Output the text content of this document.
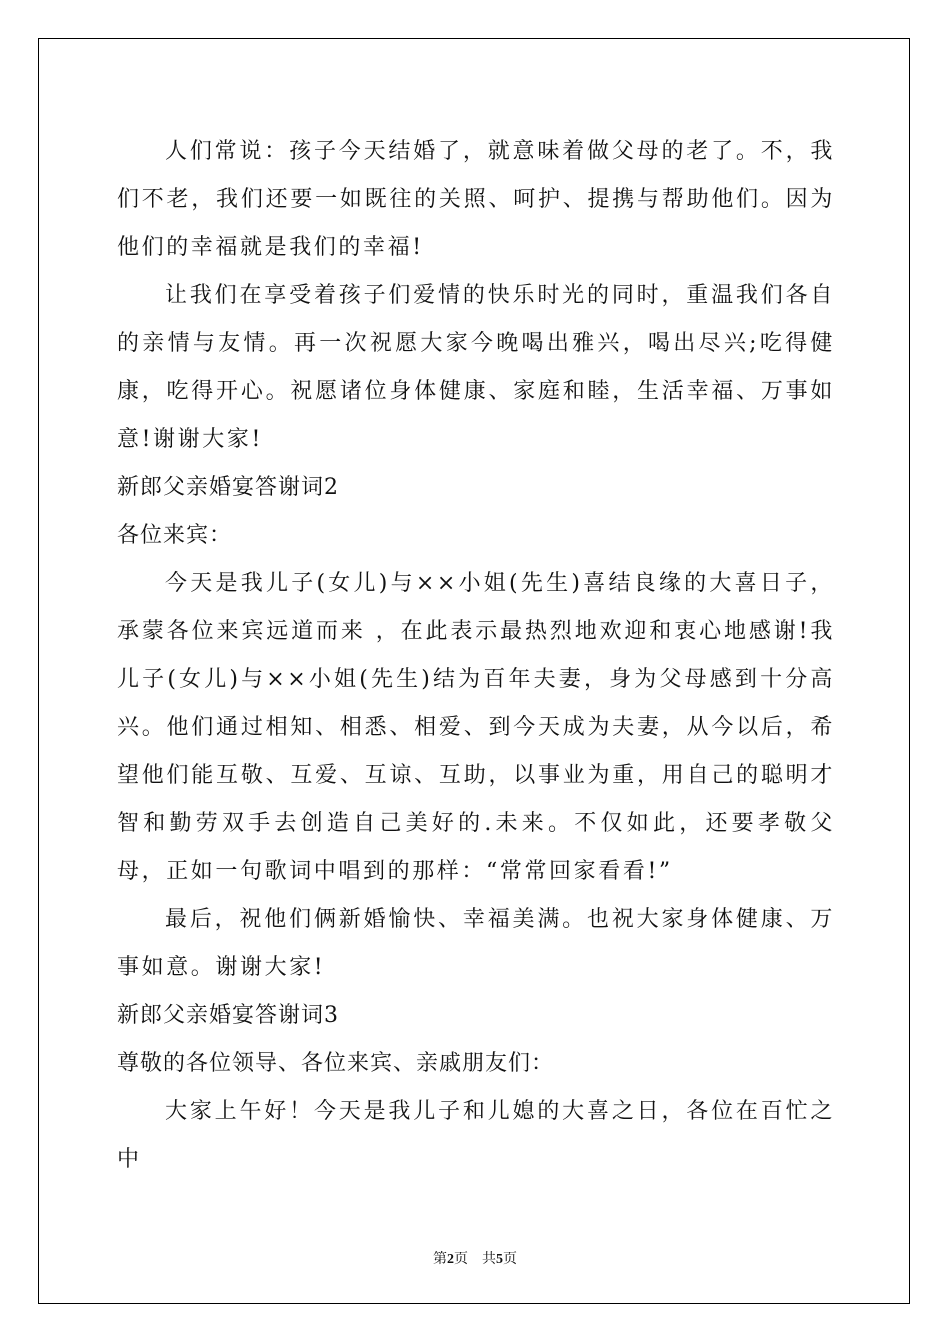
人们常说：孩子今天结婚了，就意味着做父母的老了。不，我们不老，我们还要一如既往的关照、呵护、提携与帮助他们。因为他们的幸福就是我们的幸福!

让我们在享受着孩子们爱情的快乐时光的同时，重温我们各自的亲情与友情。再一次祝愿大家今晚喝出雅兴，喝出尽兴;吃得健康，吃得开心。祝愿诸位身体健康、家庭和睦，生活幸福、万事如意!谢谢大家!

新郎父亲婚宴答谢词2

各位来宾：

今天是我儿子(女儿)与××小姐(先生)喜结良缘的大喜日子，承蒙各位来宾远道而来 ，在此表示最热烈地欢迎和衷心地感谢!我儿子(女儿)与××小姐(先生)结为百年夫妻，身为父母感到十分高兴。他们通过相知、相悉、相爱、到今天成为夫妻，从今以后，希望他们能互敬、互爱、互谅、互助，以事业为重，用自己的聪明才智和勤劳双手去创造自己美好的.未来。不仅如此，还要孝敬父母，正如一句歌词中唱到的那样：“常常回家看看!”

最后，祝他们俩新婚愉快、幸福美满。也祝大家身体健康、万事如意。谢谢大家!

新郎父亲婚宴答谢词3

尊敬的各位领导、各位来宾、亲戚朋友们：

大家上午好！今天是我儿子和儿媳的大喜之日，各位在百忙之中

第2页　共5页
